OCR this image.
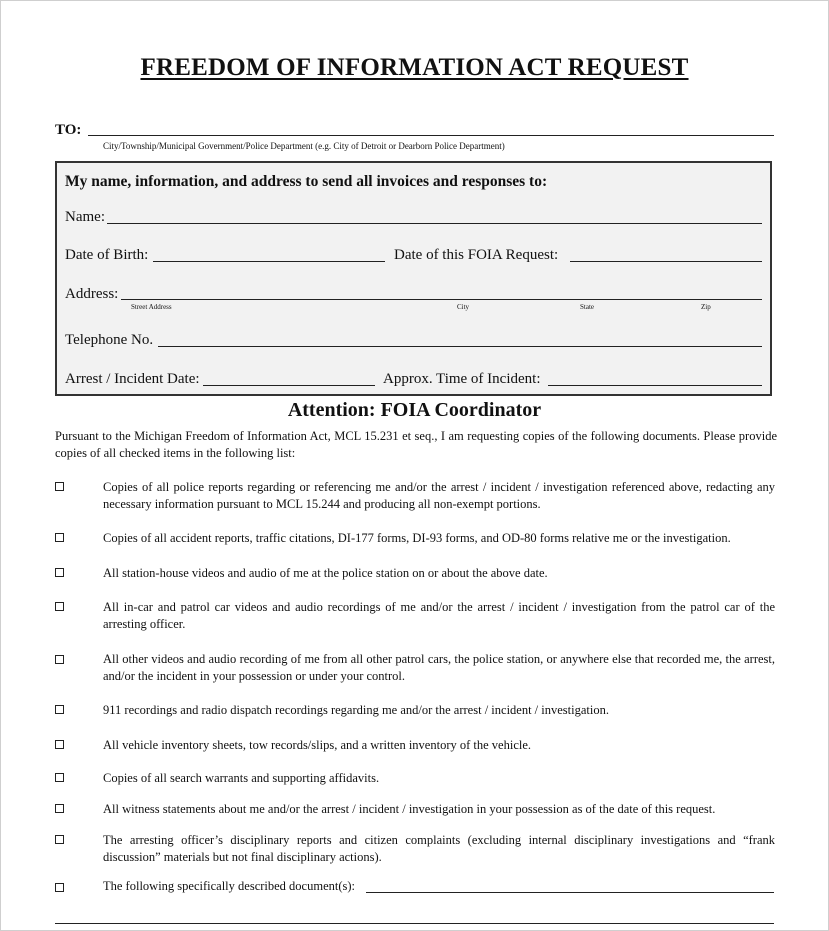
FREEDOM OF INFORMATION ACT REQUEST
TO:
City/Township/Municipal Government/Police Department (e.g. City of Detroit or Dearborn Police Department)
My name, information, and address to send all invoices and responses to:
Name:
Date of Birth:	Date of this FOIA Request:
Address:
Street Address	City	State	Zip
Telephone No.
Arrest / Incident Date:	Approx. Time of Incident:
Attention: FOIA Coordinator
Pursuant to the Michigan Freedom of Information Act, MCL 15.231 et seq., I am requesting copies of the following documents. Please provide copies of all checked items in the following list:
Copies of all police reports regarding or referencing me and/or the arrest / incident / investigation referenced above, redacting any necessary information pursuant to MCL 15.244 and producing all non-exempt portions.
Copies of all accident reports, traffic citations, DI-177 forms, DI-93 forms, and OD-80 forms relative me or the investigation.
All station-house videos and audio of me at the police station on or about the above date.
All in-car and patrol car videos and audio recordings of me and/or the arrest / incident / investigation from the patrol car of the arresting officer.
All other videos and audio recording of me from all other patrol cars, the police station, or anywhere else that recorded me, the arrest, and/or the incident in your possession or under your control.
911 recordings and radio dispatch recordings regarding me and/or the arrest / incident / investigation.
All vehicle inventory sheets, tow records/slips, and a written inventory of the vehicle.
Copies of all search warrants and supporting affidavits.
All witness statements about me and/or the arrest / incident / investigation in your possession as of the date of this request.
The arresting officer’s disciplinary reports and citizen complaints (excluding internal disciplinary investigations and “frank discussion” materials but not final disciplinary actions).
The following specifically described document(s):
